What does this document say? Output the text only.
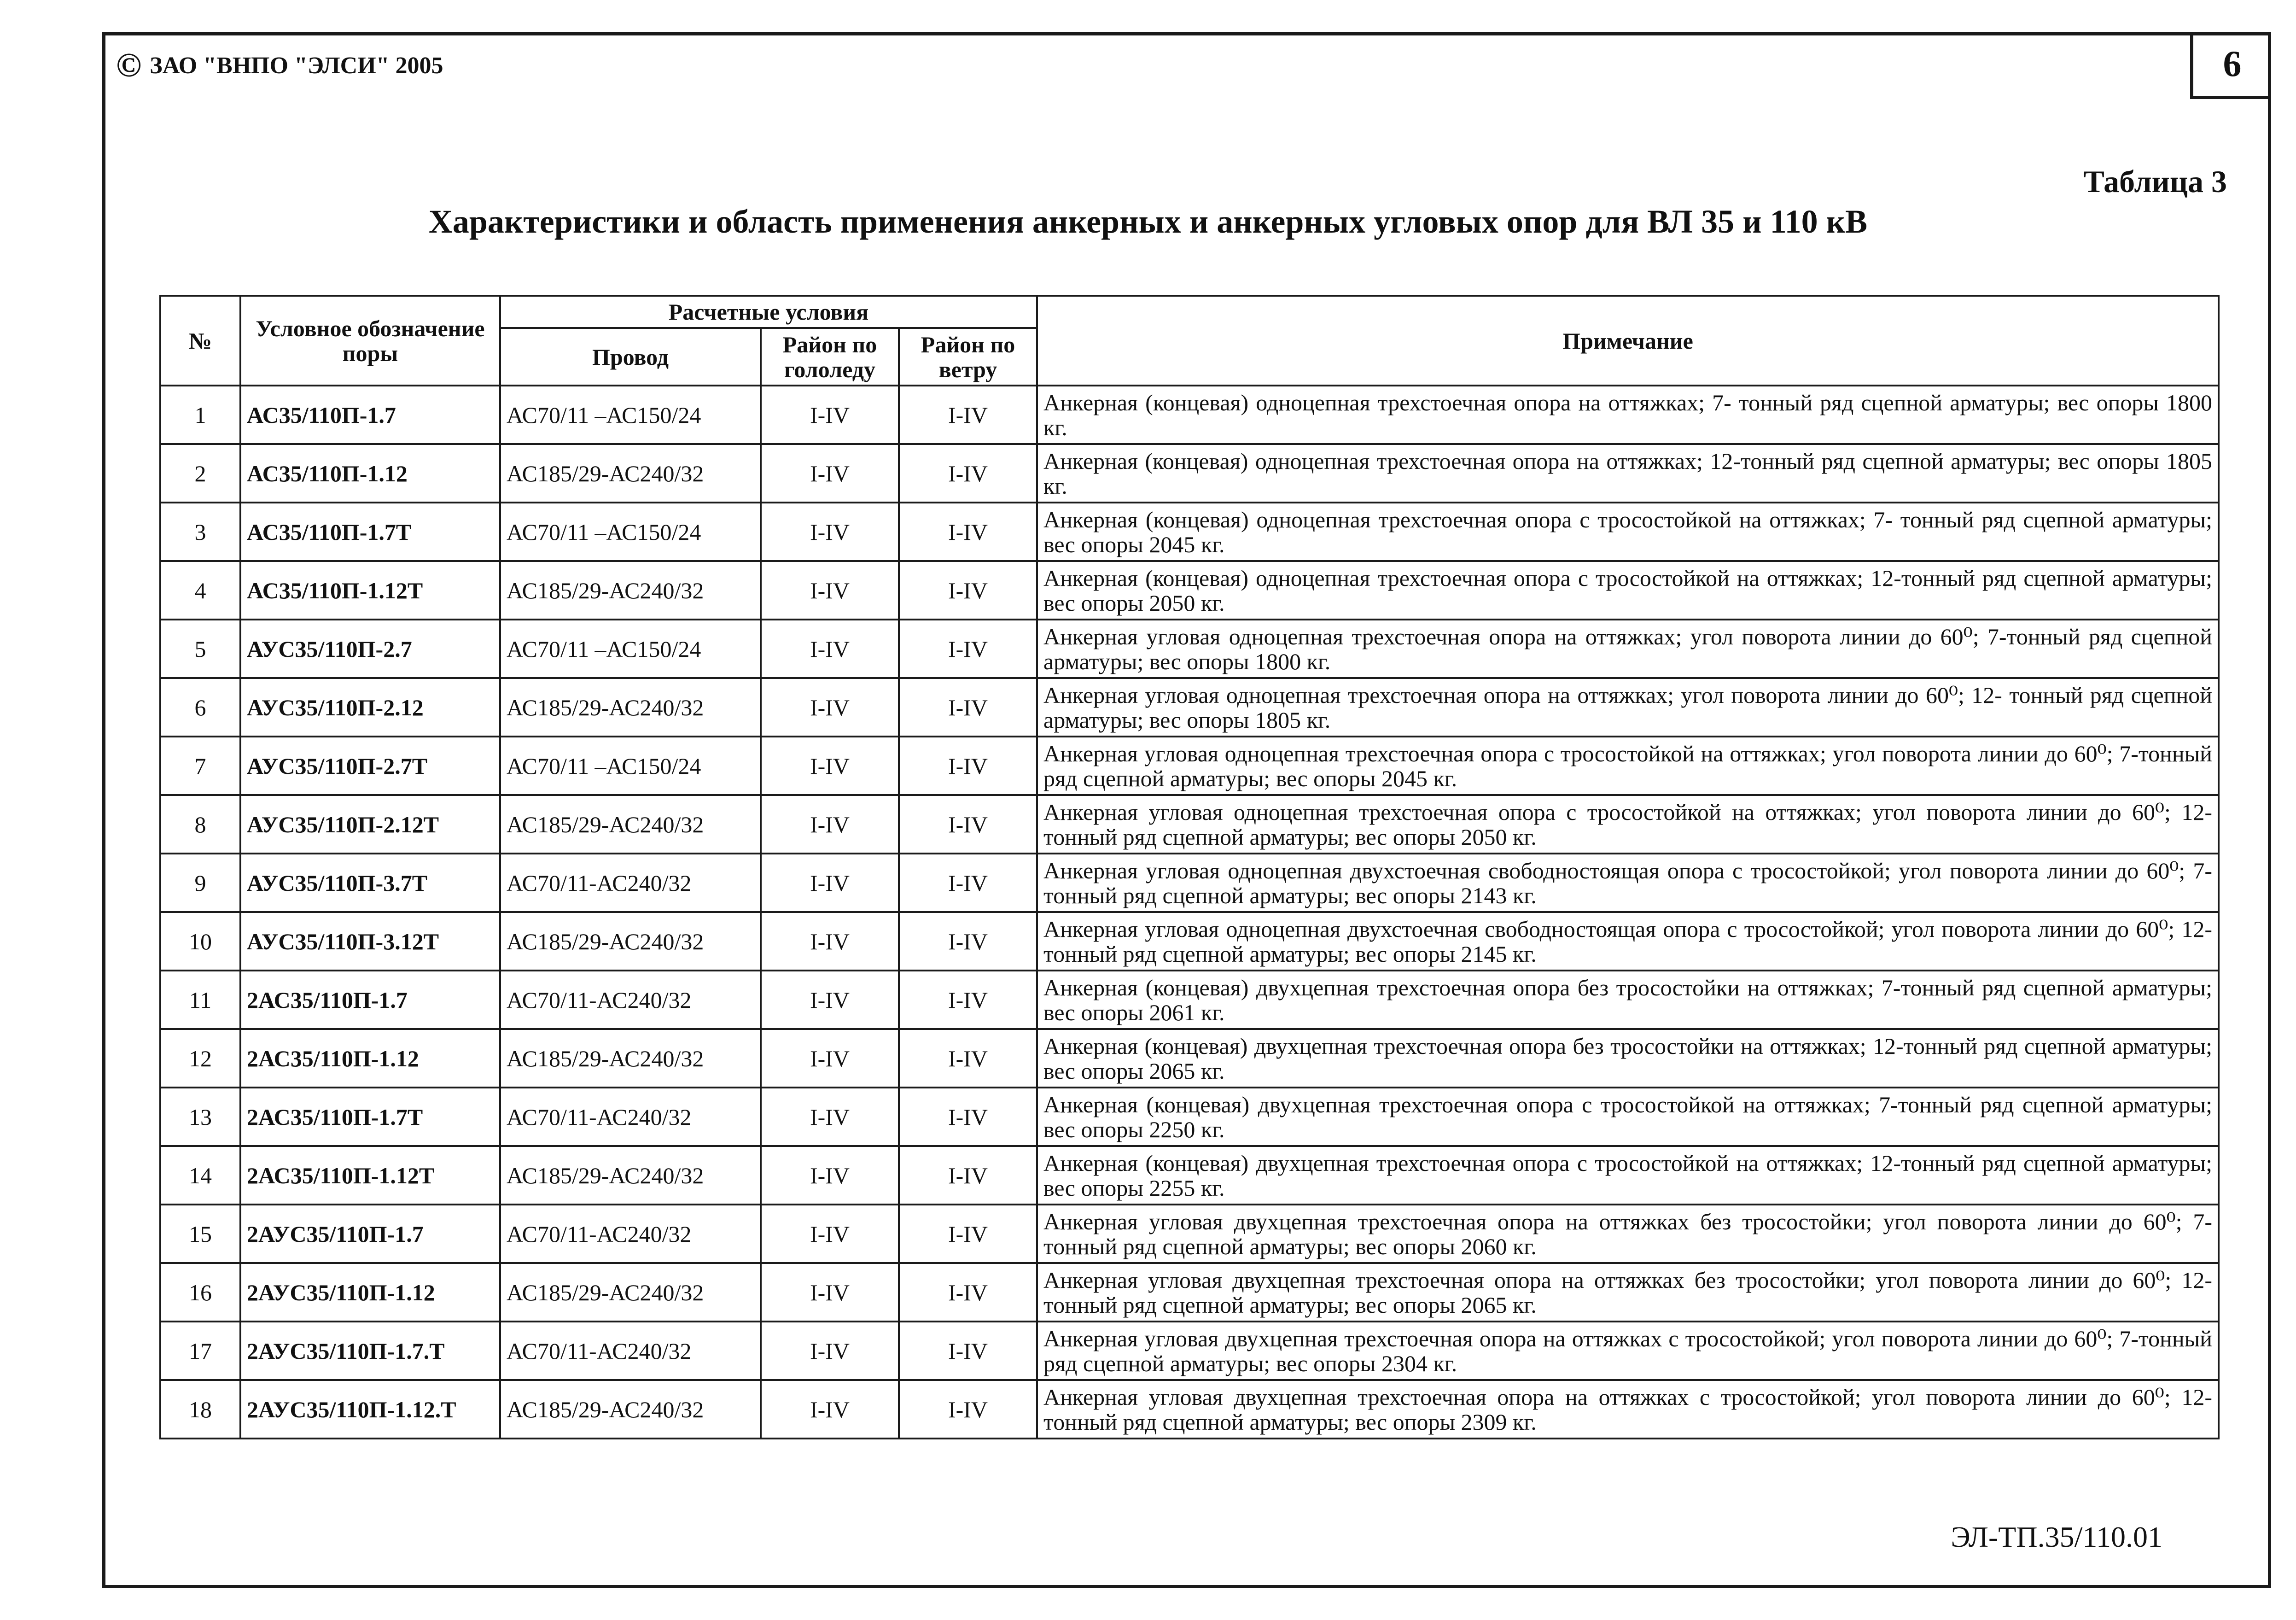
6
© ЗАО "ВНПО "ЭЛСИ" 2005
Таблица 3
Характеристики и область применения анкерных и анкерных угловых опор для ВЛ 35 и 110 кВ
№	Условное обозначение поры	Расчетные условия			Примечание
		Провод	Район по гололеду	Район по ветру	
1	АС35/110П-1.7	АС70/11 –АС150/24	I-IV	I-IV	Анкерная (концевая) одноцепная трехстоечная опора на оттяжках; 7- тонный ряд сцепной арматуры; вес опоры 1800 кг.
2	АС35/110П-1.12	АС185/29-АС240/32	I-IV	I-IV	Анкерная (концевая) одноцепная трехстоечная опора на оттяжках; 12-тонный ряд сцепной арматуры; вес опоры 1805 кг.
3	АС35/110П-1.7Т	АС70/11 –АС150/24	I-IV	I-IV	Анкерная (концевая) одноцепная трехстоечная опора с тросостойкой на оттяжках; 7- тонный ряд сцепной арматуры; вес опоры 2045 кг.
4	АС35/110П-1.12Т	АС185/29-АС240/32	I-IV	I-IV	Анкерная (концевая) одноцепная трехстоечная опора с тросостойкой на оттяжках; 12-тонный ряд сцепной арматуры; вес опоры 2050 кг.
5	АУС35/110П-2.7	АС70/11 –АС150/24	I-IV	I-IV	Анкерная угловая одноцепная трехстоечная опора на оттяжках; угол поворота линии до 60⁰; 7-тонный ряд сцепной арматуры; вес опоры 1800 кг.
6	АУС35/110П-2.12	АС185/29-АС240/32	I-IV	I-IV	Анкерная угловая одноцепная трехстоечная опора на оттяжках; угол поворота линии до 60⁰; 12- тонный ряд сцепной арматуры; вес опоры 1805 кг.
7	АУС35/110П-2.7Т	АС70/11 –АС150/24	I-IV	I-IV	Анкерная угловая одноцепная трехстоечная опора с тросостойкой на оттяжках; угол поворота линии до 60⁰; 7-тонный ряд сцепной арматуры; вес опоры 2045 кг.
8	АУС35/110П-2.12Т	АС185/29-АС240/32	I-IV	I-IV	Анкерная угловая одноцепная трехстоечная опора с тросостойкой на оттяжках; угол поворота линии до 60⁰; 12-тонный ряд сцепной арматуры; вес опоры 2050 кг.
9	АУС35/110П-3.7Т	АС70/11-АС240/32	I-IV	I-IV	Анкерная угловая одноцепная двухстоечная свободностоящая опора с тросостойкой; угол поворота линии до 60⁰; 7-тонный ряд сцепной арматуры; вес опоры 2143 кг.
10	АУС35/110П-3.12Т	АС185/29-АС240/32	I-IV	I-IV	Анкерная угловая одноцепная двухстоечная свободностоящая опора с тросостойкой; угол поворота линии до 60⁰; 12-тонный ряд сцепной арматуры; вес опоры 2145 кг.
11	2АС35/110П-1.7	АС70/11-АС240/32	I-IV	I-IV	Анкерная (концевая) двухцепная трехстоечная опора без тросостойки на оттяжках; 7-тонный ряд сцепной арматуры; вес опоры 2061 кг.
12	2АС35/110П-1.12	АС185/29-АС240/32	I-IV	I-IV	Анкерная (концевая) двухцепная трехстоечная опора без тросостойки на оттяжках; 12-тонный ряд сцепной арматуры; вес опоры 2065 кг.
13	2АС35/110П-1.7Т	АС70/11-АС240/32	I-IV	I-IV	Анкерная (концевая) двухцепная трехстоечная опора с тросостойкой на оттяжках; 7-тонный ряд сцепной арматуры; вес опоры 2250 кг.
14	2АС35/110П-1.12Т	АС185/29-АС240/32	I-IV	I-IV	Анкерная (концевая) двухцепная трехстоечная опора с тросостойкой на оттяжках; 12-тонный ряд сцепной арматуры; вес опоры 2255 кг.
15	2АУС35/110П-1.7	АС70/11-АС240/32	I-IV	I-IV	Анкерная угловая двухцепная трехстоечная опора на оттяжках без тросостойки; угол поворота линии до 60⁰; 7-тонный ряд сцепной арматуры; вес опоры 2060 кг.
16	2АУС35/110П-1.12	АС185/29-АС240/32	I-IV	I-IV	Анкерная угловая двухцепная трехстоечная опора на оттяжках без тросостойки; угол поворота линии до 60⁰; 12-тонный ряд сцепной арматуры; вес опоры 2065 кг.
17	2АУС35/110П-1.7.Т	АС70/11-АС240/32	I-IV	I-IV	Анкерная угловая двухцепная трехстоечная опора на оттяжках с тросостойкой; угол поворота линии до 60⁰; 7-тонный ряд сцепной арматуры; вес опоры 2304 кг.
18	2АУС35/110П-1.12.Т	АС185/29-АС240/32	I-IV	I-IV	Анкерная угловая двухцепная трехстоечная опора на оттяжках с тросостойкой; угол поворота линии до 60⁰; 12-тонный ряд сцепной арматуры; вес опоры 2309 кг.
ЭЛ-ТП.35/110.01
